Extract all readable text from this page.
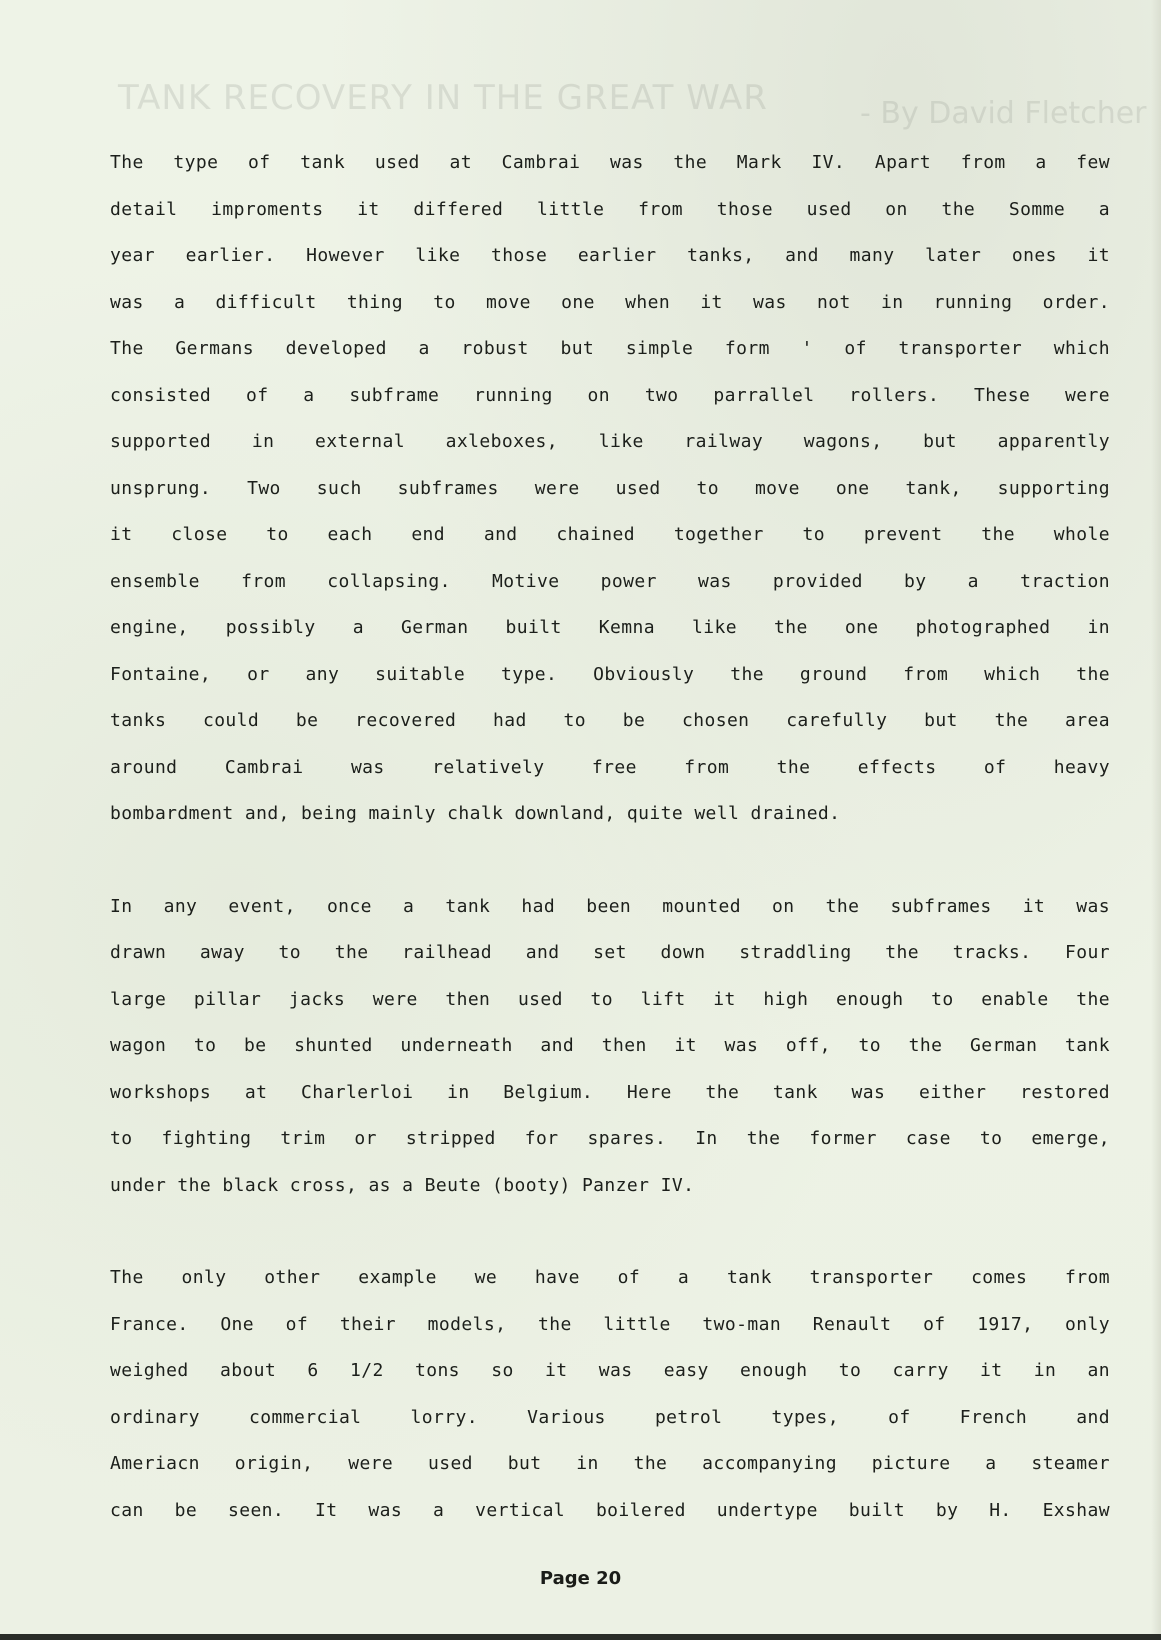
TANK RECOVERY IN THE GREAT WAR	- By David Fletcher
The type of tank used at Cambrai was the Mark IV. Apart from a few
detail improments it differed little from those used on the Somme a
year earlier. However like those earlier tanks, and many later ones it
was a difficult thing to move one when it was not in running order.
The Germans developed a robust but simple form ' of transporter which
consisted of a subframe running on two parrallel rollers. These were
supported in external axleboxes, like railway wagons, but apparently
unsprung. Two such subframes were used to move one tank, supporting
it close to each end and chained together to prevent the whole
ensemble from collapsing. Motive power was provided by a traction
engine, possibly a German built Kemna like the one photographed in
Fontaine, or any suitable type. Obviously the ground from which the
tanks could be recovered had to be chosen carefully but the area
around Cambrai was relatively free from the effects of heavy
bombardment and, being mainly chalk downland, quite well drained.
In any event, once a tank had been mounted on the subframes it was
drawn away to the railhead and set down straddling the tracks. Four
large pillar jacks were then used to lift it high enough to enable the
wagon to be shunted underneath and then it was off, to the German tank
workshops at Charlerloi in Belgium. Here the tank was either restored
to fighting trim or stripped for spares. In the former case to emerge,
under the black cross, as a Beute (booty) Panzer IV.
The only other example we have of a tank transporter comes from
France. One of their models, the little two-man Renault of 1917, only
weighed about 6 1/2 tons so it was easy enough to carry it in an
ordinary commercial lorry. Various petrol types, of French and
Ameriacn origin, were used but in the accompanying picture a steamer
can be seen. It was a vertical boilered undertype built by H. Exshaw
Page 20
